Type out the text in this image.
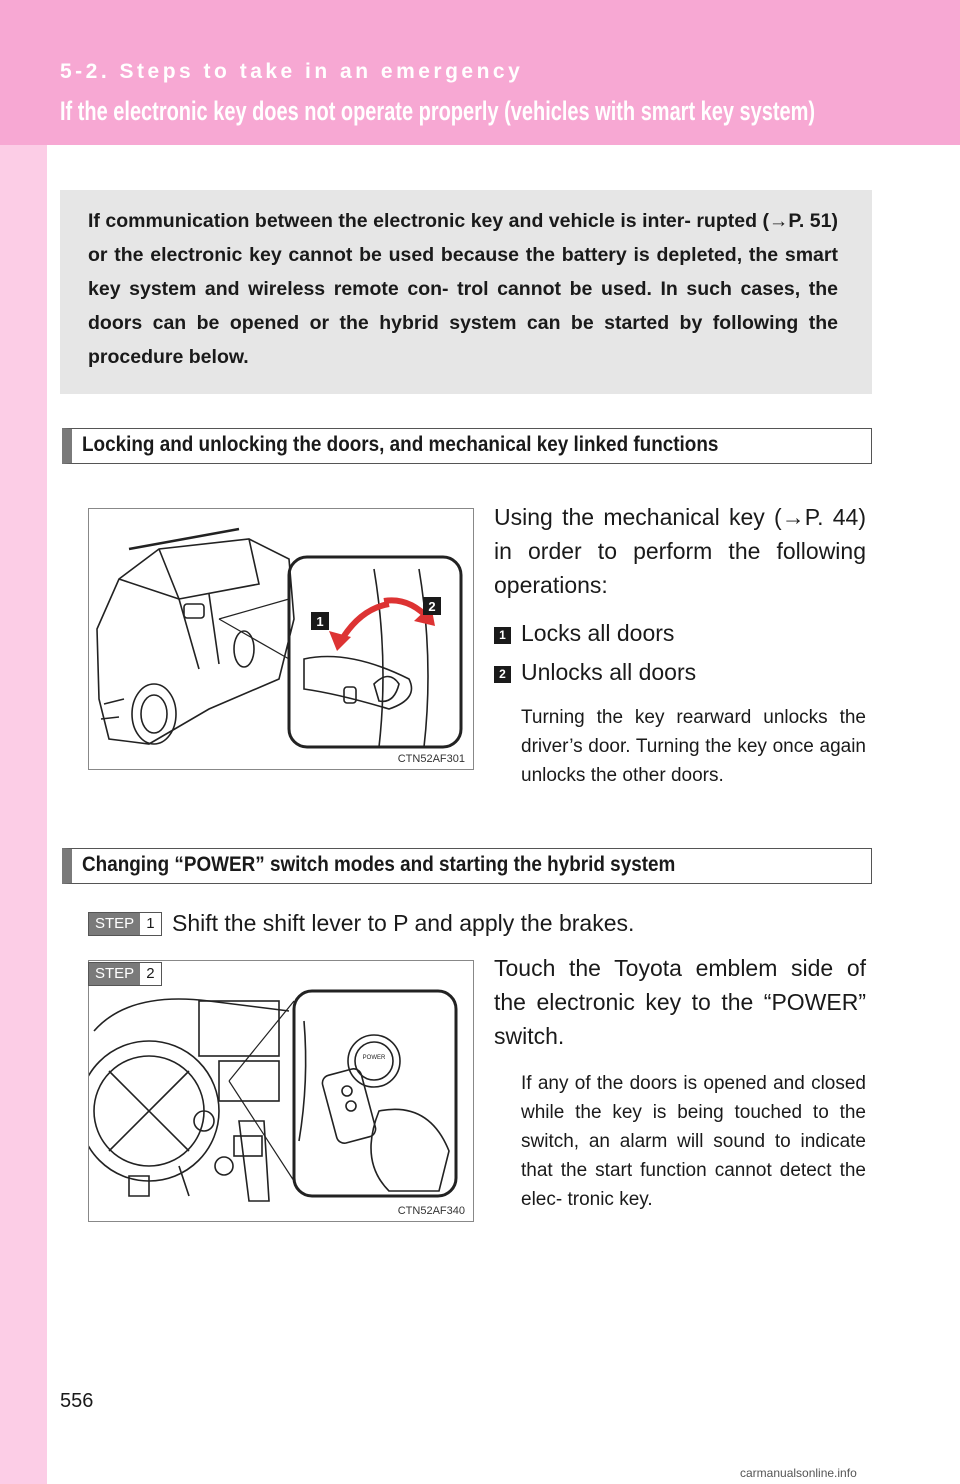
5-2. Steps to take in an emergency
If the electronic key does not operate properly (vehicles with smart key system)

If communication between the electronic key and vehicle is inter- rupted (→P. 51) or the electronic key cannot be used because the battery is depleted, the smart key system and wireless remote con- trol cannot be used. In such cases, the doors can be opened or the hybrid system can be started by following the procedure below.

Locking and unlocking the doors, and mechanical key linked functions
1
2
CTN52AF301

Using the mechanical key (→P. 44) in order to perform the following operations:

1 Locks all doors
2 Unlocks all doors

Turning the key rearward unlocks the driver’s door. Turning the key once again unlocks the other doors.

Changing “POWER” switch modes and starting the hybrid system
STEP 1 Shift the shift lever to P and apply the brakes.

POWER
CTN52AF340
STEP 2	Touch the Toyota emblem side of the electronic key to the “POWER” switch.

If any of the doors is opened and closed while the key is being touched to the switch, an alarm will sound to indicate that the start function cannot detect the elec- tronic key.

556
carmanualsonline.info
